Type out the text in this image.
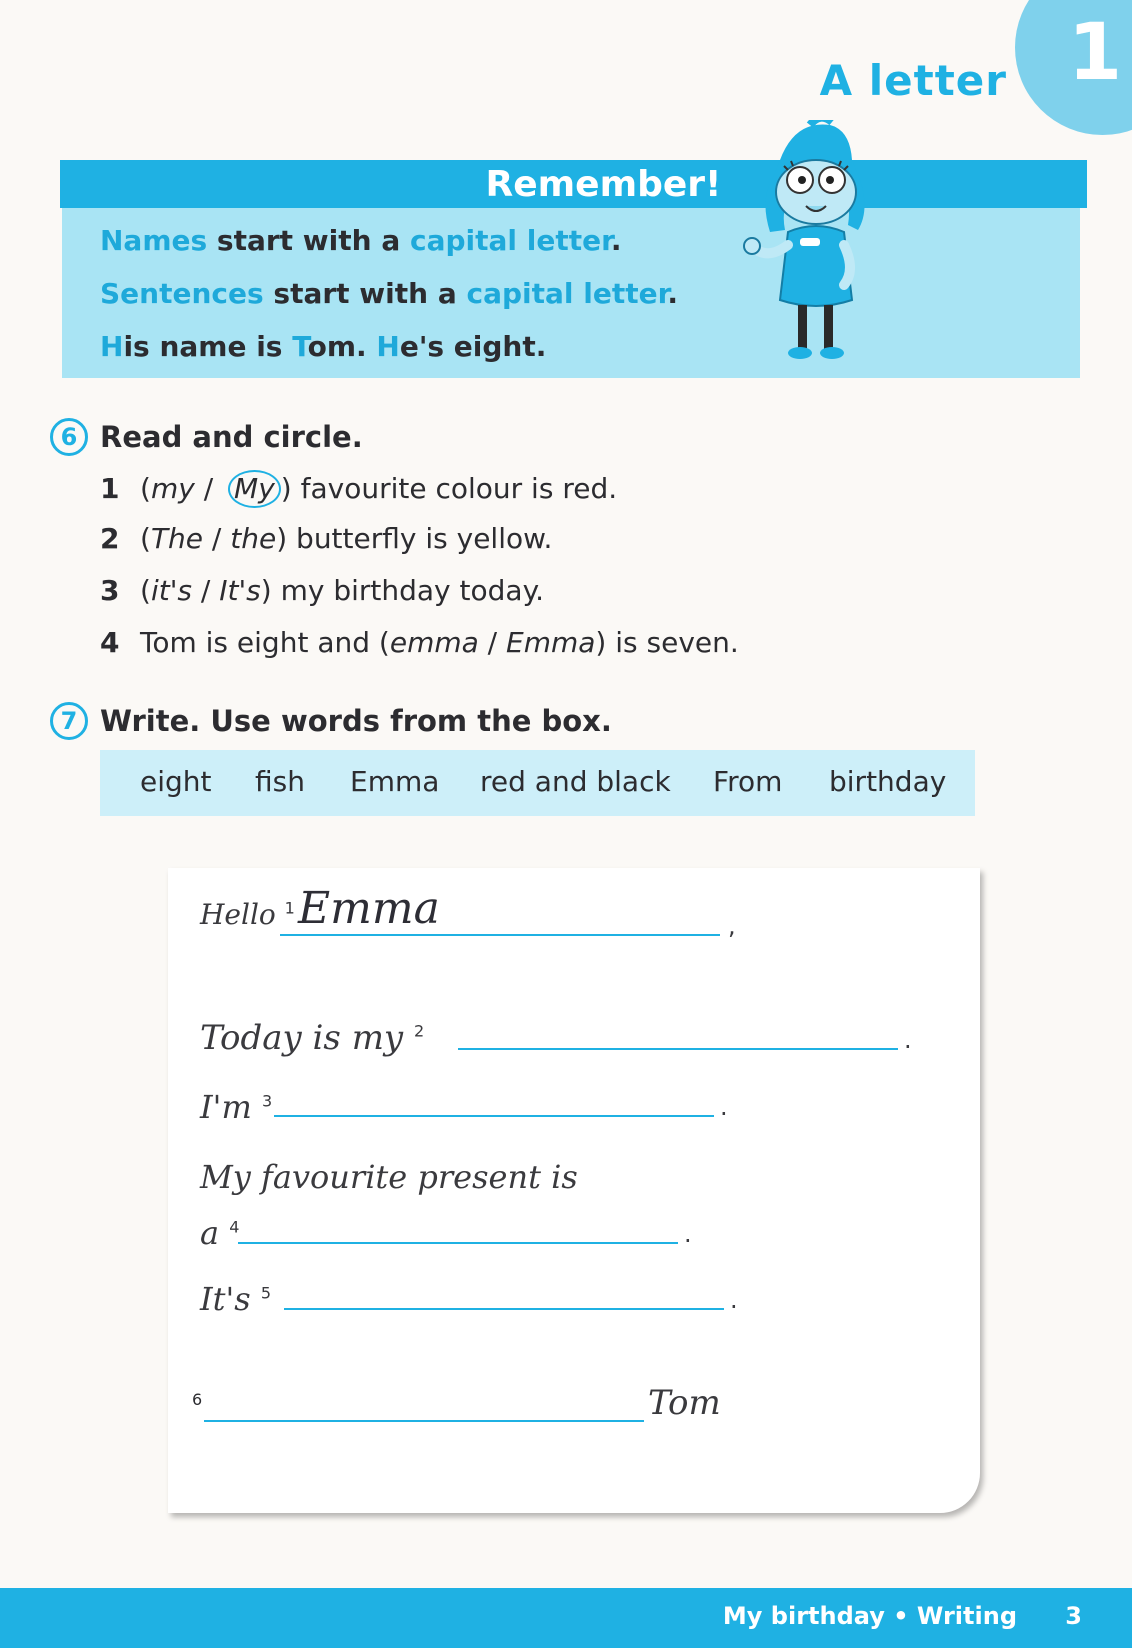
1
A letter
Remember!
Names start with a capital letter.
Sentences start with a capital letter.
His name is Tom. He's eight.
6 Read and circle.
1 (my / My ) favourite colour is red.
2 (The / the) butterfly is yellow.
3 (it's / It's) my birthday today.
4 Tom is eight and (emma / Emma) is seven.
7 Write. Use words from the box.
eight fish Emma red and black From birthday
Hello $^1$ Emma	,
Today is my $^2$	.
I'm $^3$	.
My favourite present is
a $^4$	.
It's $^5$	.
6	Tom
My birthday • Writing 3
